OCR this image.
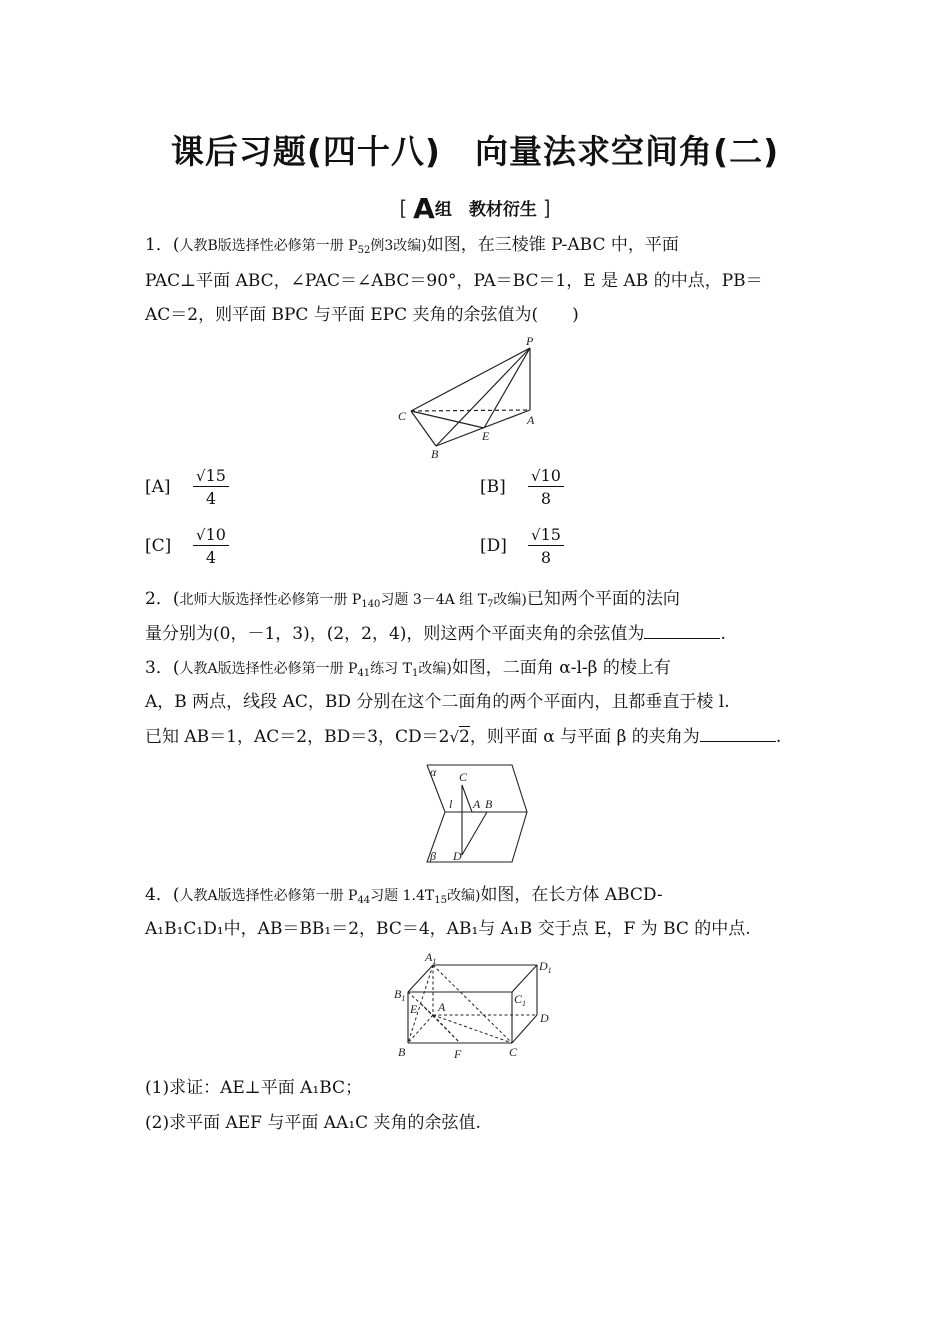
课后习题(四十八)　向量法求空间角(二)
[ A组　教材衍生 ]
1．(人教B版选择性必修第一册 $P_{52}$例3改编)如图，在三棱锥 P-ABC 中，平面
PAC⊥平面 ABC，∠PAC＝∠ABC＝90°，PA＝BC＝1，E 是 AB 的中点，PB＝
AC＝2，则平面 BPC 与平面 EPC 夹角的余弦值为(　　)
P
C	A
E
B
[A]	$\frac{√15}{4}$	[B]	$\frac{√10}{8}$
[C]	$\frac{√10}{4}$	[D]	$\frac{√15}{8}$
2．(北师大版选择性必修第一册 $P_{140}$习题 3－4A 组 $T_7$改编)已知两个平面的法向
量分别为(0，－1，3)，(2，2，4)，则这两个平面夹角的余弦值为	.
3．(人教A版选择性必修第一册 $P_{41}$练习 $T_1$改编)如图，二面角 α-l-β 的棱上有
A，B 两点，线段 AC，BD 分别在这个二面角的两个平面内，且都垂直于棱 l.
已知 AB＝1，AC＝2，BD＝3，CD＝2√2，则平面 α 与平面 β 的夹角为	.
α C
l A B
β D
4．(人教A版选择性必修第一册 $P_{44}$习题 $1.4T_{15}$改编)如图，在长方体 ABCD-
A₁B₁C₁D₁中，AB＝BB₁＝2，BC＝4，AB₁与 A₁B 交于点 E，F 为 BC 的中点.
$A_1$	$D_1$
$B_1$	$C_1$
A
E
D
B	F	C
(1)求证：AE⊥平面 A₁BC；
(2)求平面 AEF 与平面 AA₁C 夹角的余弦值.
